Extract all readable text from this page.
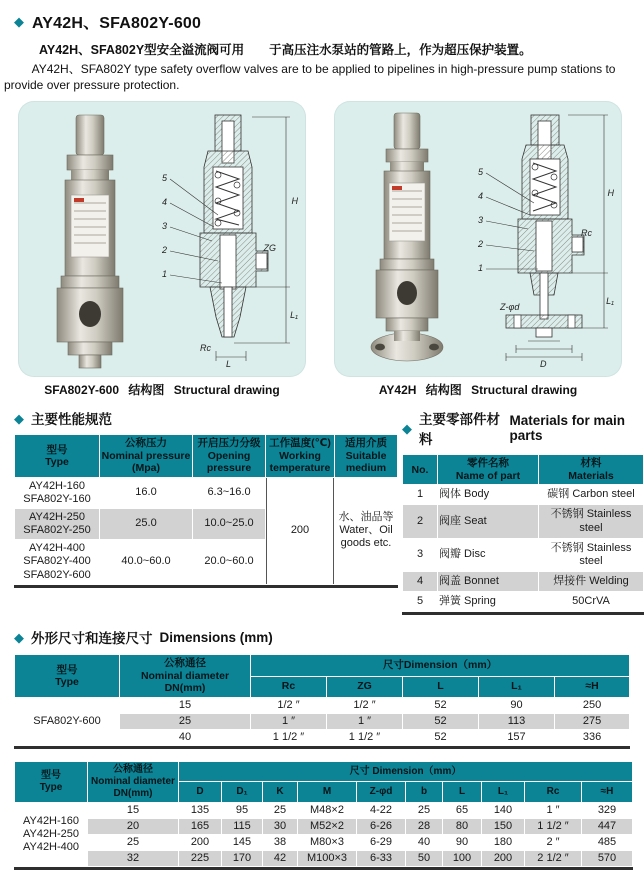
◆ AY42H、SFA802Y-600

AY42H、SFA802Y型安全溢流阀可用　　于高压注水泵站的管路上，作为超压保护装置。

AY42H、SFA802Y type safety overflow valves are to be applied to pipelines in high-pressure pump stations to provide over pressure protection.

5
4
3
2
1
H
ZG
L₁
L
Rc
5
4
3
2
1
H
Rc
L₁
Z-φd
D
SFA802Y-600 结构图 Structural drawing	AY42H 结构图 Structural drawing
◆ 主要性能规范
型号
Type	公称压力
Nominal pressure
(Mpa)	开启压力分级
Opening
pressure	工作温度(℃)
Working
temperature	适用介质
Suitable
medium
AY42H-160
SFA802Y-160	16.0	6.3~16.0	200	水、油品等
Water、Oil
goods etc.
AY42H-250
SFA802Y-250	25.0	10.0~25.0		
AY42H-400
SFA802Y-400
SFA802Y-600	40.0~60.0	20.0~60.0		
◆
主要零部件材料
Materials for main parts
No.	零件名称
Name of part	材料
Materials
1	阀体 Body	碳钢 Carbon steel
2	阀座 Seat	不锈钢 Stainless steel
3	阀瓣 Disc	不锈钢 Stainless steel
4	阀盖 Bonnet	焊接件 Welding
5	弹簧 Spring	50CrVA
◆ 外形尺寸和连接尺寸 Dimensions (mm)
型号
Type	公称通径
Nominal diameter
DN(mm)	尺寸Dimension（mm）				
		Rc	ZG	L	L₁	≈H
SFA802Y-600	15	1/2 ″	1/2 ″	52	90	250
	25	1 ″	1 ″	52	113	275
	40	1 1/2 ″	1 1/2 ″	52	157	336
型号
Type	公称通径
Nominal diameter
DN(mm)	尺寸 Dimension（mm）									
		D	D₁	K	M	Z-φd	b	L	L₁	Rc	≈H
AY42H-160
AY42H-250
AY42H-400	15	135	95	25	M48×2	4-22	25	65	140	1 ″	329
	20	165	115	30	M52×2	6-26	28	80	150	1 1/2 ″	447
	25	200	145	38	M80×3	6-29	40	90	180	2 ″	485
	32	225	170	42	M100×3	6-33	50	100	200	2 1/2 ″	570
